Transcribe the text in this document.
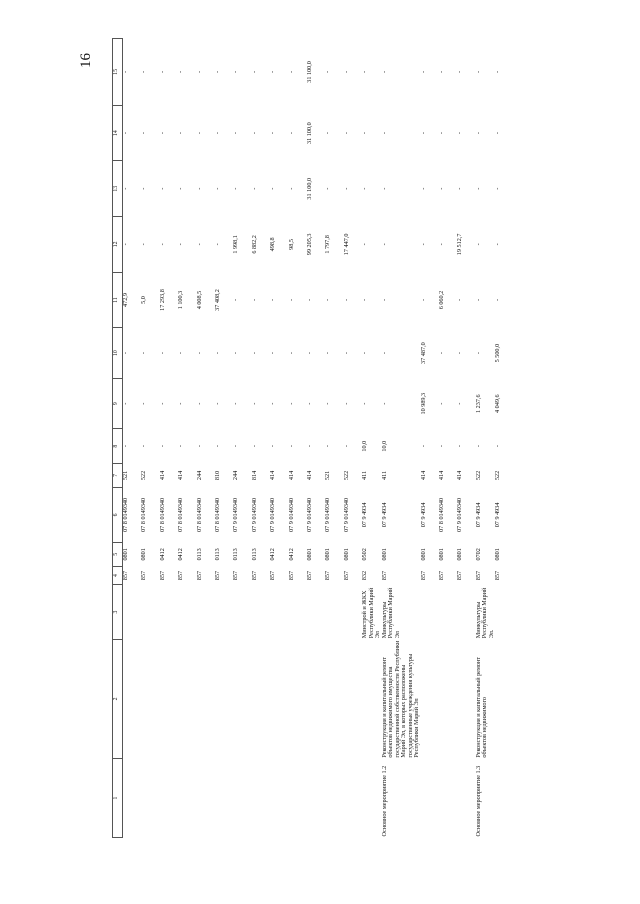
16
1	2	3	4	5	6	7	8	9	10	11	12	13	14	15
			857	0801	07 8 0149340	521	-	-	-	472,9	-	-	-	-
			857	0801	07 8 0149340	522	-	-	-	5,0	-	-	-	-
			857	0412	07 8 0149340	414	-	-	-	17 293,8	-	-	-	-
			857	0412	07 8 0149340	414	-	-	-	1 100,3	-	-	-	-
			857	0113	07 8 0149340	244	-	-	-	4 008,5	-	-	-	-
			857	0113	07 8 0149340	810	-	-	-	37 408,2	-	-	-	-
			857	0113	07 9 0149340	244	-	-	-	-	1 998,1	-	-	-
			857	0113	07 9 0149340	814	-	-	-	-	6 882,2	-	-	-
			857	0412	07 9 0149340	414	-	-	-	-	498,8	-	-	-
			857	0412	07 9 0149340	414	-	-	-	-	98,5	-	-	-
			857	0801	07 9 0149340	414	-	-	-	-	99 205,3	31 100,0	31 100,0	31 100,0
			857	0801	07 9 0149340	521	-	-	-	-	1 797,8	-	-	-
			857	0801	07 9 0149340	522	-	-	-	-	17 447,0	-	-	-
		Минстрой и ЖКХ Республики Марий Эл	832	0502	07 9 4934	411	10,0	-	-	-	-	-	-	-
Основное мероприятие 1.2	Реконструкция и капитальный ремонт объектов недвижимого имущества государственной собственности Республики Марий Эл, в которых расположены государственные учреждения культуры Республики Марий Эл	Минкультуры Республики Марий Эл	857	0801	07 9 4934	411	10,0	-	-	-	-	-	-	-
			857	0801	07 9 4934	414	-	10 989,3	37 487,0	-	-	-	-	-
			857	0801	07 8 0149340	414	-	-	-	6 060,2	-	-	-	-
			857	0801	07 9 0149340	414	-	-	-	-	19 512,7	-	-	-
Основное мероприятие 1.3	Реконструкция и капитальный ремонт объектов недвижимого	Минкультуры Республики Марий Эл.	857	0702	07 9 4934	522	-	1 237,6	-	-	-	-	-	-
			857	0801	07 9 4934	522	-	4 049,6	5 500,0	-	-	-	-	-
